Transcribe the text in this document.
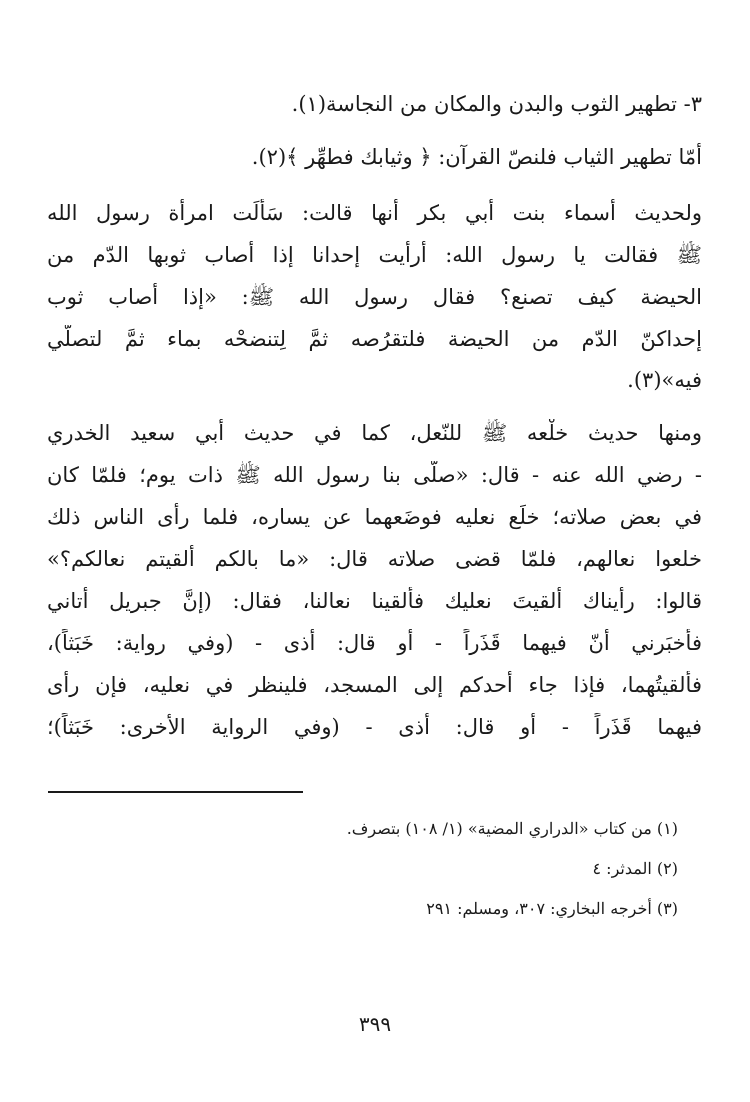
٣- تطهير الثوب والبدن والمكان من النجاسة(١).
أمّا تطهير الثياب فلنصّ القرآن: ﴿ وثيابك فطهِّر ﴾(٢).
ولحديث أسماء بنت أبي بكر أنها قالت: سَألَت امرأة رسول الله
ﷺ فقالت يا رسول الله: أرأيت إحدانا إذا أصاب ثوبها الدّم من
الحيضة كيف تصنع؟ فقال رسول الله ﷺ: «إذا أصاب ثوب
إحداكنّ الدّم من الحيضة فلتقرُصه ثمَّ لِتنضحْه بماء ثمَّ لتصلّي
فيه»(٣).
ومنها حديث خلْعه ﷺ للنّعل، كما في حديث أبي سعيد الخدري
- رضي الله عنه - قال: «صلّى بنا رسول الله ﷺ ذات يوم؛ فلمّا كان
في بعض صلاته؛ خلَع نعليه فوضَعهما عن يساره، فلما رأى الناس ذلك
خلعوا نعالهم، فلمّا قضى صلاته قال: «ما بالكم ألقيتم نعالكم؟»
قالوا: رأيناك ألقيتَ نعليك فألقينا نعالنا، فقال: (إنَّ جبريل أتاني
فأخبَرني أنّ فيهما قَذَراً - أو قال: أذى - (وفي رواية: خَبَثاً)،
فألقيتُهما، فإذا جاء أحدكم إلى المسجد، فلينظر في نعليه، فإن رأى
فيهما قَذَراً - أو قال: أذى - (وفي الرواية الأخرى: خَبَثاً)؛
(١) من كتاب «الدراري المضية» (١/ ١٠٨) بتصرف.
(٢) المدثر: ٤
(٣) أخرجه البخاري: ٣٠٧، ومسلم: ٢٩١
٣٩٩
